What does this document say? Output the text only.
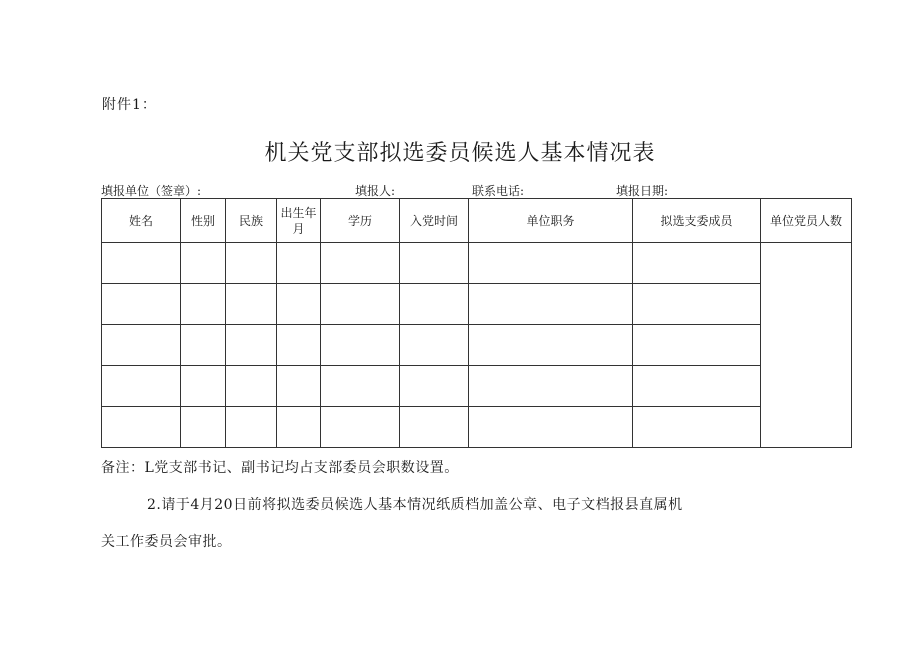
附件1：
机关党支部拟选委员候选人基本情况表
填报单位（签章）:	填报人:	联系电话:	填报日期:
姓名	性别	民族	出生年月	学历	入党时间	单位职务	拟选支委成员	单位党员人数

备注：L党支部书记、副书记均占支部委员会职数设置。
2.请于4月20日前将拟选委员候选人基本情况纸质档加盖公章、电子文档报县直属机
关工作委员会审批。
